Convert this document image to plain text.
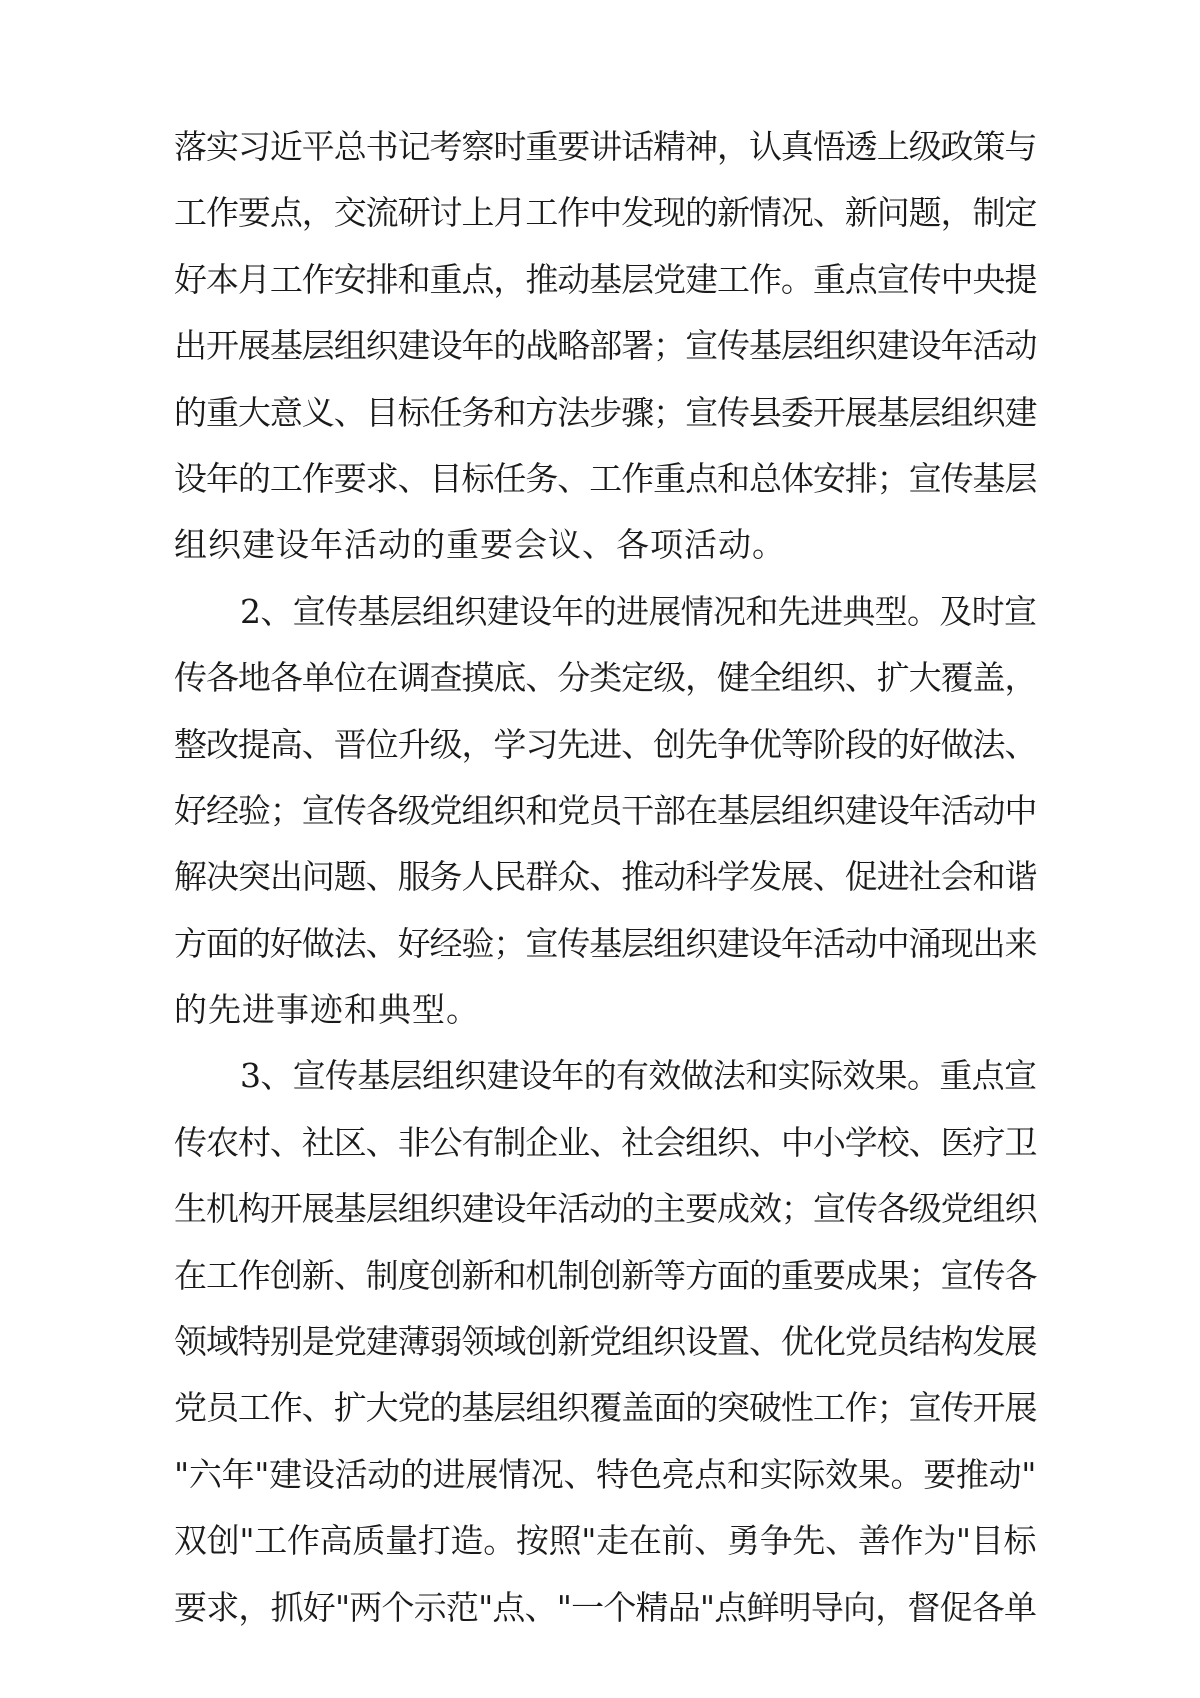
落实习近平总书记考察时重要讲话精神，认真悟透上级政策与
工作要点，交流研讨上月工作中发现的新情况、新问题，制定
好本月工作安排和重点，推动基层党建工作。重点宣传中央提
出开展基层组织建设年的战略部署；宣传基层组织建设年活动
的重大意义、目标任务和方法步骤；宣传县委开展基层组织建
设年的工作要求、目标任务、工作重点和总体安排；宣传基层
组织建设年活动的重要会议、各项活动。
2、宣传基层组织建设年的进展情况和先进典型。及时宣
传各地各单位在调查摸底、分类定级，健全组织、扩大覆盖，
整改提高、晋位升级，学习先进、创先争优等阶段的好做法、
好经验；宣传各级党组织和党员干部在基层组织建设年活动中
解决突出问题、服务人民群众、推动科学发展、促进社会和谐
方面的好做法、好经验；宣传基层组织建设年活动中涌现出来
的先进事迹和典型。
3、宣传基层组织建设年的有效做法和实际效果。重点宣
传农村、社区、非公有制企业、社会组织、中小学校、医疗卫
生机构开展基层组织建设年活动的主要成效；宣传各级党组织
在工作创新、制度创新和机制创新等方面的重要成果；宣传各
领域特别是党建薄弱领域创新党组织设置、优化党员结构发展
党员工作、扩大党的基层组织覆盖面的突破性工作；宣传开展
"六年"建设活动的进展情况、特色亮点和实际效果。要推动"
双创"工作高质量打造。按照"走在前、勇争先、善作为"目标
要求，抓好"两个示范"点、"一个精品"点鲜明导向，督促各单
